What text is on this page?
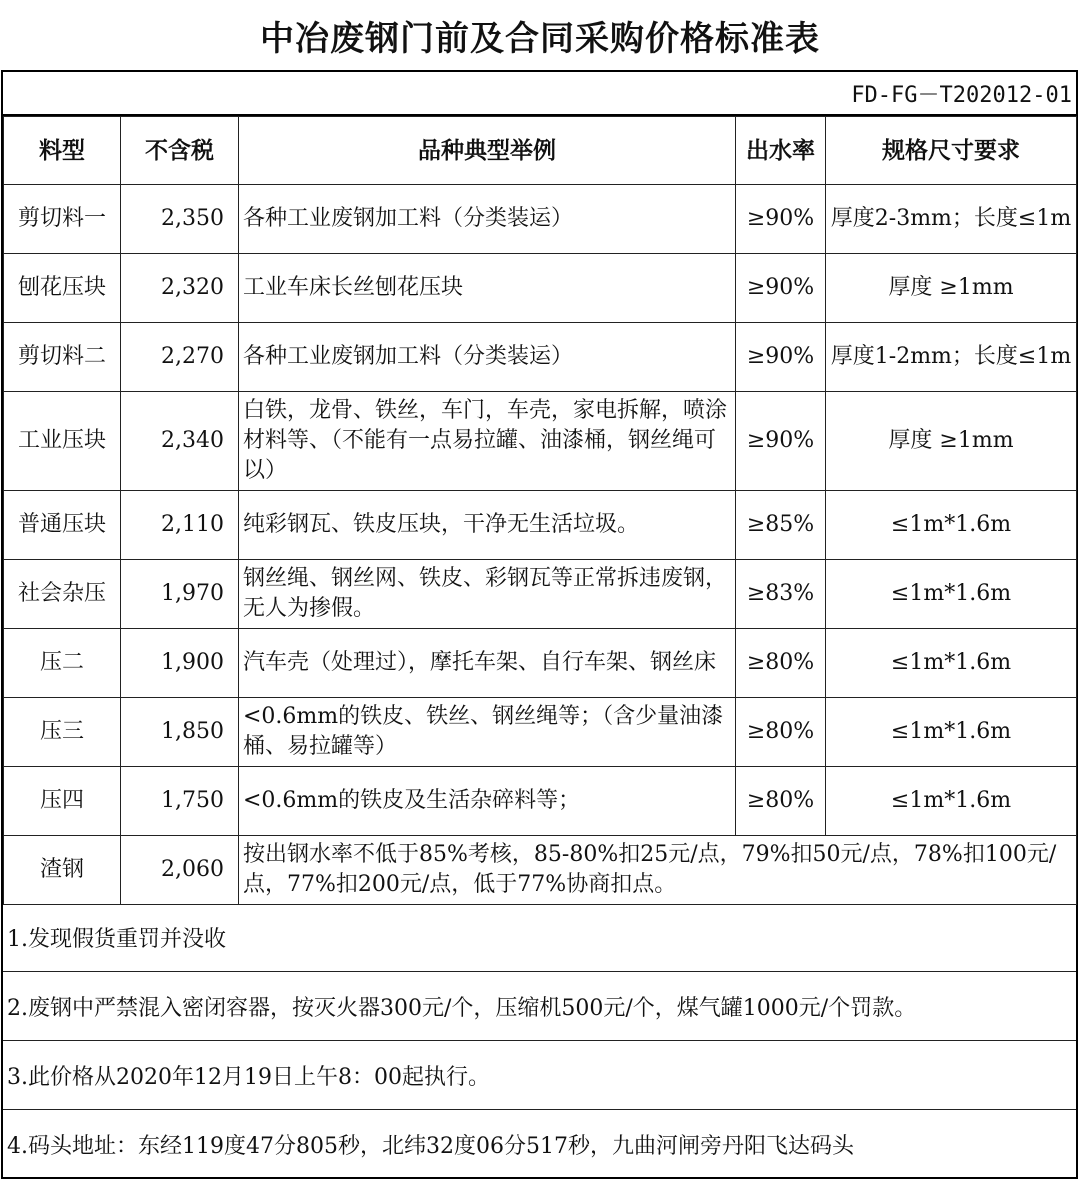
中冶废钢门前及合同采购价格标准表
FD-FG－T202012-01
料型	不含税	品种典型举例	出水率	规格尺寸要求
剪切料一	2,350	各种工业废钢加工料（分类装运）	≥90%	厚度2-3mm；长度≤1m
刨花压块	2,320	工业车床长丝刨花压块	≥90%	厚度 ≥1mm
剪切料二	2,270	各种工业废钢加工料（分类装运）	≥90%	厚度1-2mm；长度≤1m
工业压块	2,340	白铁，龙骨、铁丝，车门，车壳，家电拆解，喷涂材料等、（不能有一点易拉罐、油漆桶，钢丝绳可以）	≥90%	厚度 ≥1mm
普通压块	2,110	纯彩钢瓦、铁皮压块，干净无生活垃圾。	≥85%	≤1m*1.6m
社会杂压	1,970	钢丝绳、钢丝网、铁皮、彩钢瓦等正常拆违废钢，无人为掺假。	≥83%	≤1m*1.6m
压二	1,900	汽车壳（处理过），摩托车架、自行车架、钢丝床	≥80%	≤1m*1.6m
压三	1,850	<0.6mm的铁皮、铁丝、钢丝绳等；（含少量油漆桶、易拉罐等）	≥80%	≤1m*1.6m
压四	1,750	<0.6mm的铁皮及生活杂碎料等；	≥80%	≤1m*1.6m
渣钢	2,060	按出钢水率不低于85%考核，85-80%扣25元/点，79%扣50元/点，78%扣100元/点，77%扣200元/点，低于77%协商扣点。		
1.发现假货重罚并没收
2.废钢中严禁混入密闭容器，按灭火器300元/个，压缩机500元/个，煤气罐1000元/个罚款。
3.此价格从2020年12月19日上午8：00起执行。
4.码头地址：东经119度47分805秒，北纬32度06分517秒，九曲河闸旁丹阳飞达码头
